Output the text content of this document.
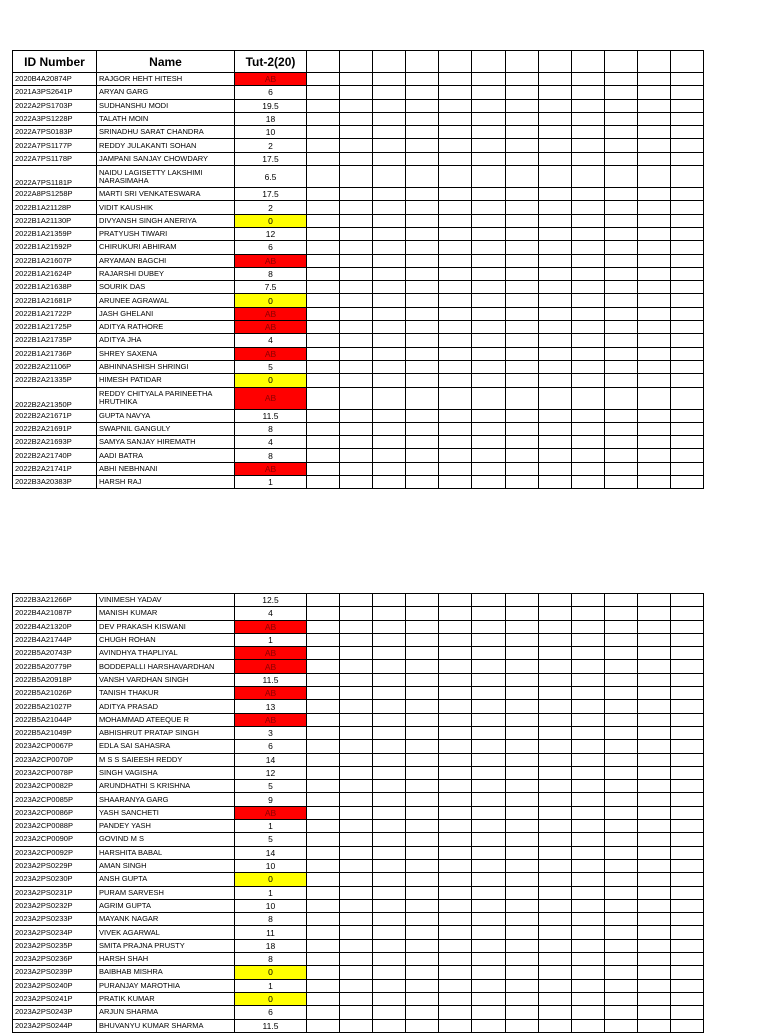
ID Number	Name	Tut-2(20)												
2020B4A20874P	RAJGOR HEHT HITESH	AB												
2021A3PS2641P	ARYAN GARG	6												
2022A2PS1703P	SUDHANSHU MODI	19.5												
2022A3PS1228P	TALATH MOIN	18												
2022A7PS0183P	SRINADHU SARAT CHANDRA	10												
2022A7PS1177P	REDDY JULAKANTI SOHAN	2												
2022A7PS1178P	JAMPANI SANJAY CHOWDARY	17.5												
2022A7PS1181P	NAIDU LAGISETTY LAKSHIMI NARASIMAHA	6.5												
2022A8PS1258P	MARTI SRI VENKATESWARA	17.5												
2022B1A21128P	VIDIT KAUSHIK	2												
2022B1A21130P	DIVYANSH SINGH ANERIYA	0												
2022B1A21359P	PRATYUSH TIWARI	12												
2022B1A21592P	CHIRUKURI ABHIRAM	6												
2022B1A21607P	ARYAMAN BAGCHI	AB												
2022B1A21624P	RAJARSHI DUBEY	8												
2022B1A21638P	SOURIK DAS	7.5												
2022B1A21681P	ARUNEE AGRAWAL	0												
2022B1A21722P	JASH GHELANI	AB												
2022B1A21725P	ADITYA RATHORE	AB												
2022B1A21735P	ADITYA JHA	4												
2022B1A21736P	SHREY SAXENA	AB												
2022B2A21106P	ABHINNASHISH SHRINGI	5												
2022B2A21335P	HIMESH PATIDAR	0												
2022B2A21350P	REDDY CHITYALA PARINEETHA HRUTHIKA	AB												
2022B2A21671P	GUPTA NAVYA	11.5												
2022B2A21691P	SWAPNIL GANGULY	8												
2022B2A21693P	SAMYA SANJAY HIREMATH	4												
2022B2A21740P	AADI BATRA	8												
2022B2A21741P	ABHI NEBHNANI	AB												
2022B3A20383P	HARSH RAJ	1												
2022B3A21266P	VINIMESH YADAV	12.5												
2022B4A21087P	MANISH KUMAR	4												
2022B4A21320P	DEV PRAKASH KISWANI	AB												
2022B4A21744P	CHUGH ROHAN	1												
2022B5A20743P	AVINDHYA THAPLIYAL	AB												
2022B5A20779P	BODDEPALLI HARSHAVARDHAN	AB												
2022B5A20918P	VANSH VARDHAN SINGH	11.5												
2022B5A21026P	TANISH THAKUR	AB												
2022B5A21027P	ADITYA PRASAD	13												
2022B5A21044P	MOHAMMAD ATEEQUE R	AB												
2022B5A21049P	ABHISHRUT PRATAP SINGH	3												
2023A2CP0067P	EDLA SAI SAHASRA	6												
2023A2CP0070P	M S S SAIEESH REDDY	14												
2023A2CP0078P	SINGH VAGISHA	12												
2023A2CP0082P	ARUNDHATHI S KRISHNA	5												
2023A2CP0085P	SHAARANYA GARG	9												
2023A2CP0086P	YASH SANCHETI	AB												
2023A2CP0088P	PANDEY YASH	1												
2023A2CP0090P	GOVIND M S	5												
2023A2CP0092P	HARSHITA BABAL	14												
2023A2PS0229P	AMAN SINGH	10												
2023A2PS0230P	ANSH GUPTA	0												
2023A2PS0231P	PURAM SARVESH	1												
2023A2PS0232P	AGRIM GUPTA	10												
2023A2PS0233P	MAYANK NAGAR	8												
2023A2PS0234P	VIVEK AGARWAL	11												
2023A2PS0235P	SMITA PRAJNA PRUSTY	18												
2023A2PS0236P	HARSH SHAH	8												
2023A2PS0239P	BAIBHAB MISHRA	0												
2023A2PS0240P	PURANJAY MAROTHIA	1												
2023A2PS0241P	PRATIK KUMAR	0												
2023A2PS0243P	ARJUN SHARMA	6												
2023A2PS0244P	BHUVANYU KUMAR SHARMA	11.5												
